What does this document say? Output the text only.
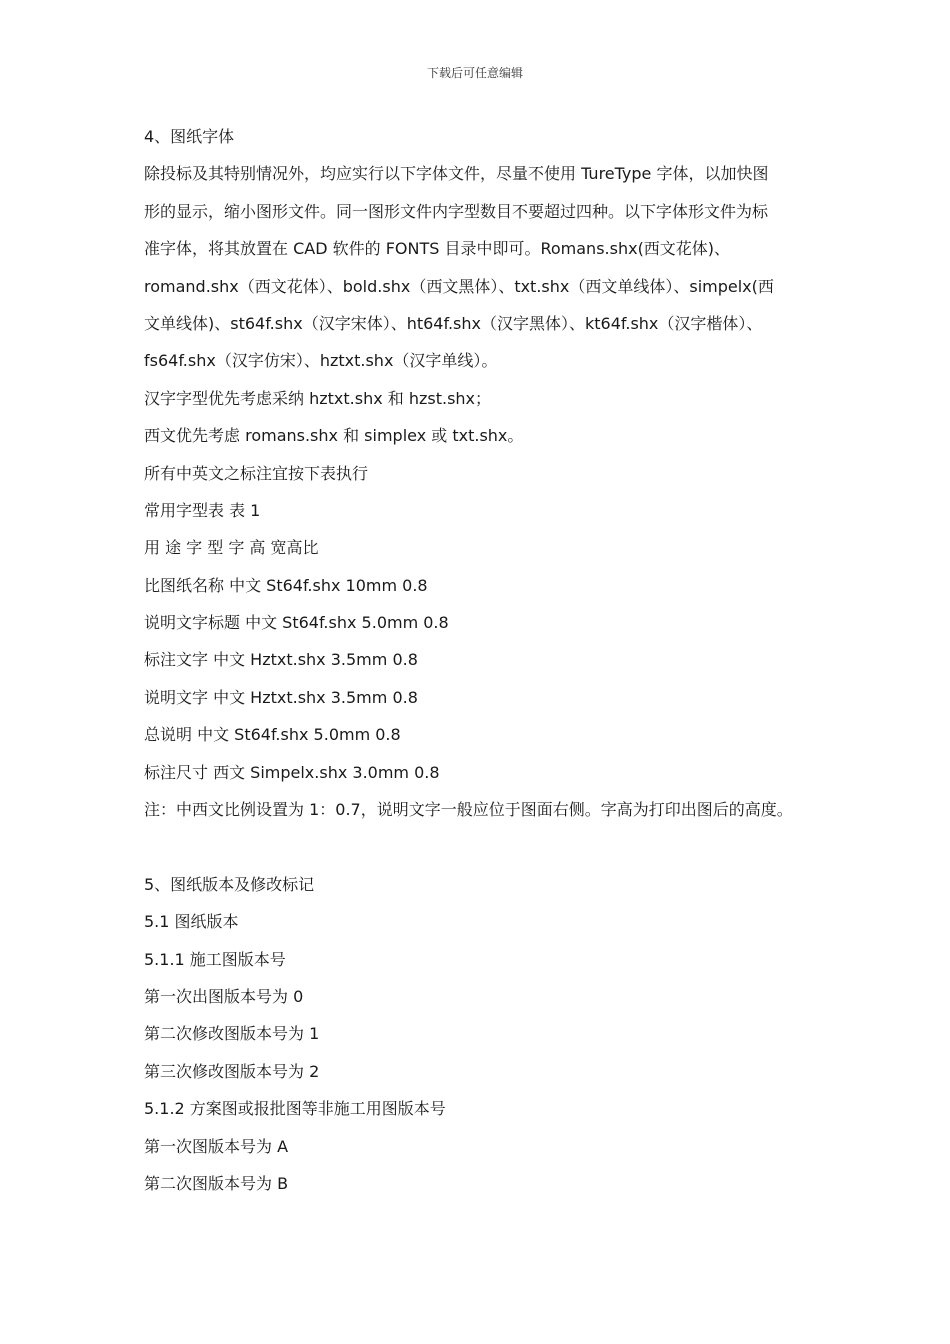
下载后可任意编辑
4、图纸字体
除投标及其特别情况外，均应实行以下字体文件，尽量不使用 TureType 字体，以加快图
形的显示，缩小图形文件。同一图形文件内字型数目不要超过四种。以下字体形文件为标
准字体，将其放置在 CAD 软件的 FONTS 目录中即可。Romans.shx(西文花体)、
romand.shx（西文花体）、bold.shx（西文黑体）、txt.shx（西文单线体）、simpelx(西
文单线体)、st64f.shx（汉字宋体）、ht64f.shx（汉字黑体）、kt64f.shx（汉字楷体）、
fs64f.shx（汉字仿宋）、hztxt.shx（汉字单线）。
汉字字型优先考虑采纳 hztxt.shx 和 hzst.shx；
西文优先考虑 romans.shx 和 simplex 或 txt.shx。
所有中英文之标注宜按下表执行
常用字型表 表 1
用 途 字 型 字 高 宽高比
比图纸名称 中文 St64f.shx 10mm 0.8
说明文字标题 中文 St64f.shx 5.0mm 0.8
标注文字 中文 Hztxt.shx 3.5mm 0.8
说明文字 中文 Hztxt.shx 3.5mm 0.8
总说明 中文 St64f.shx 5.0mm 0.8
标注尺寸 西文 Simpelx.shx 3.0mm 0.8
注：中西文比例设置为 1：0.7，说明文字一般应位于图面右侧。字高为打印出图后的高度。
5、图纸版本及修改标记
5.1 图纸版本
5.1.1 施工图版本号
第一次出图版本号为 0
第二次修改图版本号为 1
第三次修改图版本号为 2
5.1.2 方案图或报批图等非施工用图版本号
第一次图版本号为 A
第二次图版本号为 B
